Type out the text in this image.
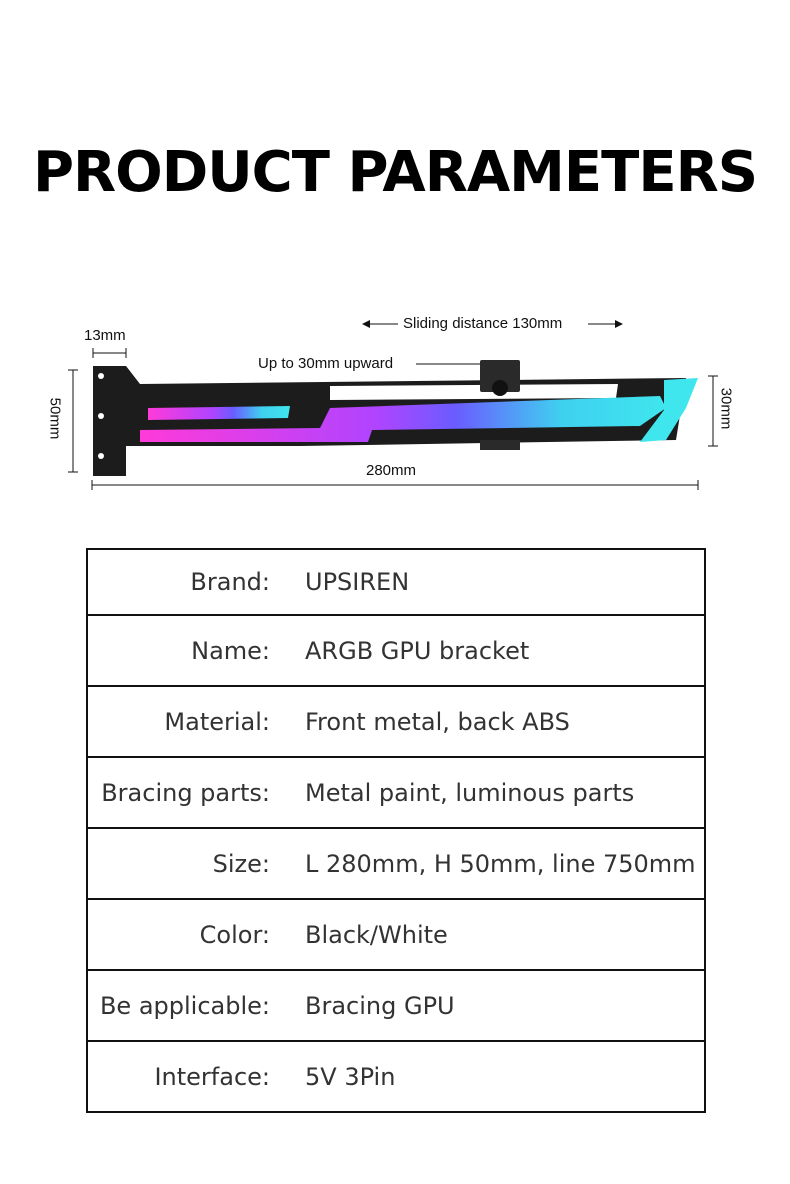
PRODUCT PARAMETERS
13mm
Sliding distance 130mm
Up to 30mm upward
50mm	30mm
280mm
Brand: UPSIREN
Name: ARGB GPU bracket
Material: Front metal, back ABS
Bracing parts: Metal paint, luminous parts
Size: L 280mm, H 50mm, line 750mm
Color: Black/White
Be applicable: Bracing GPU
Interface: 5V 3Pin
